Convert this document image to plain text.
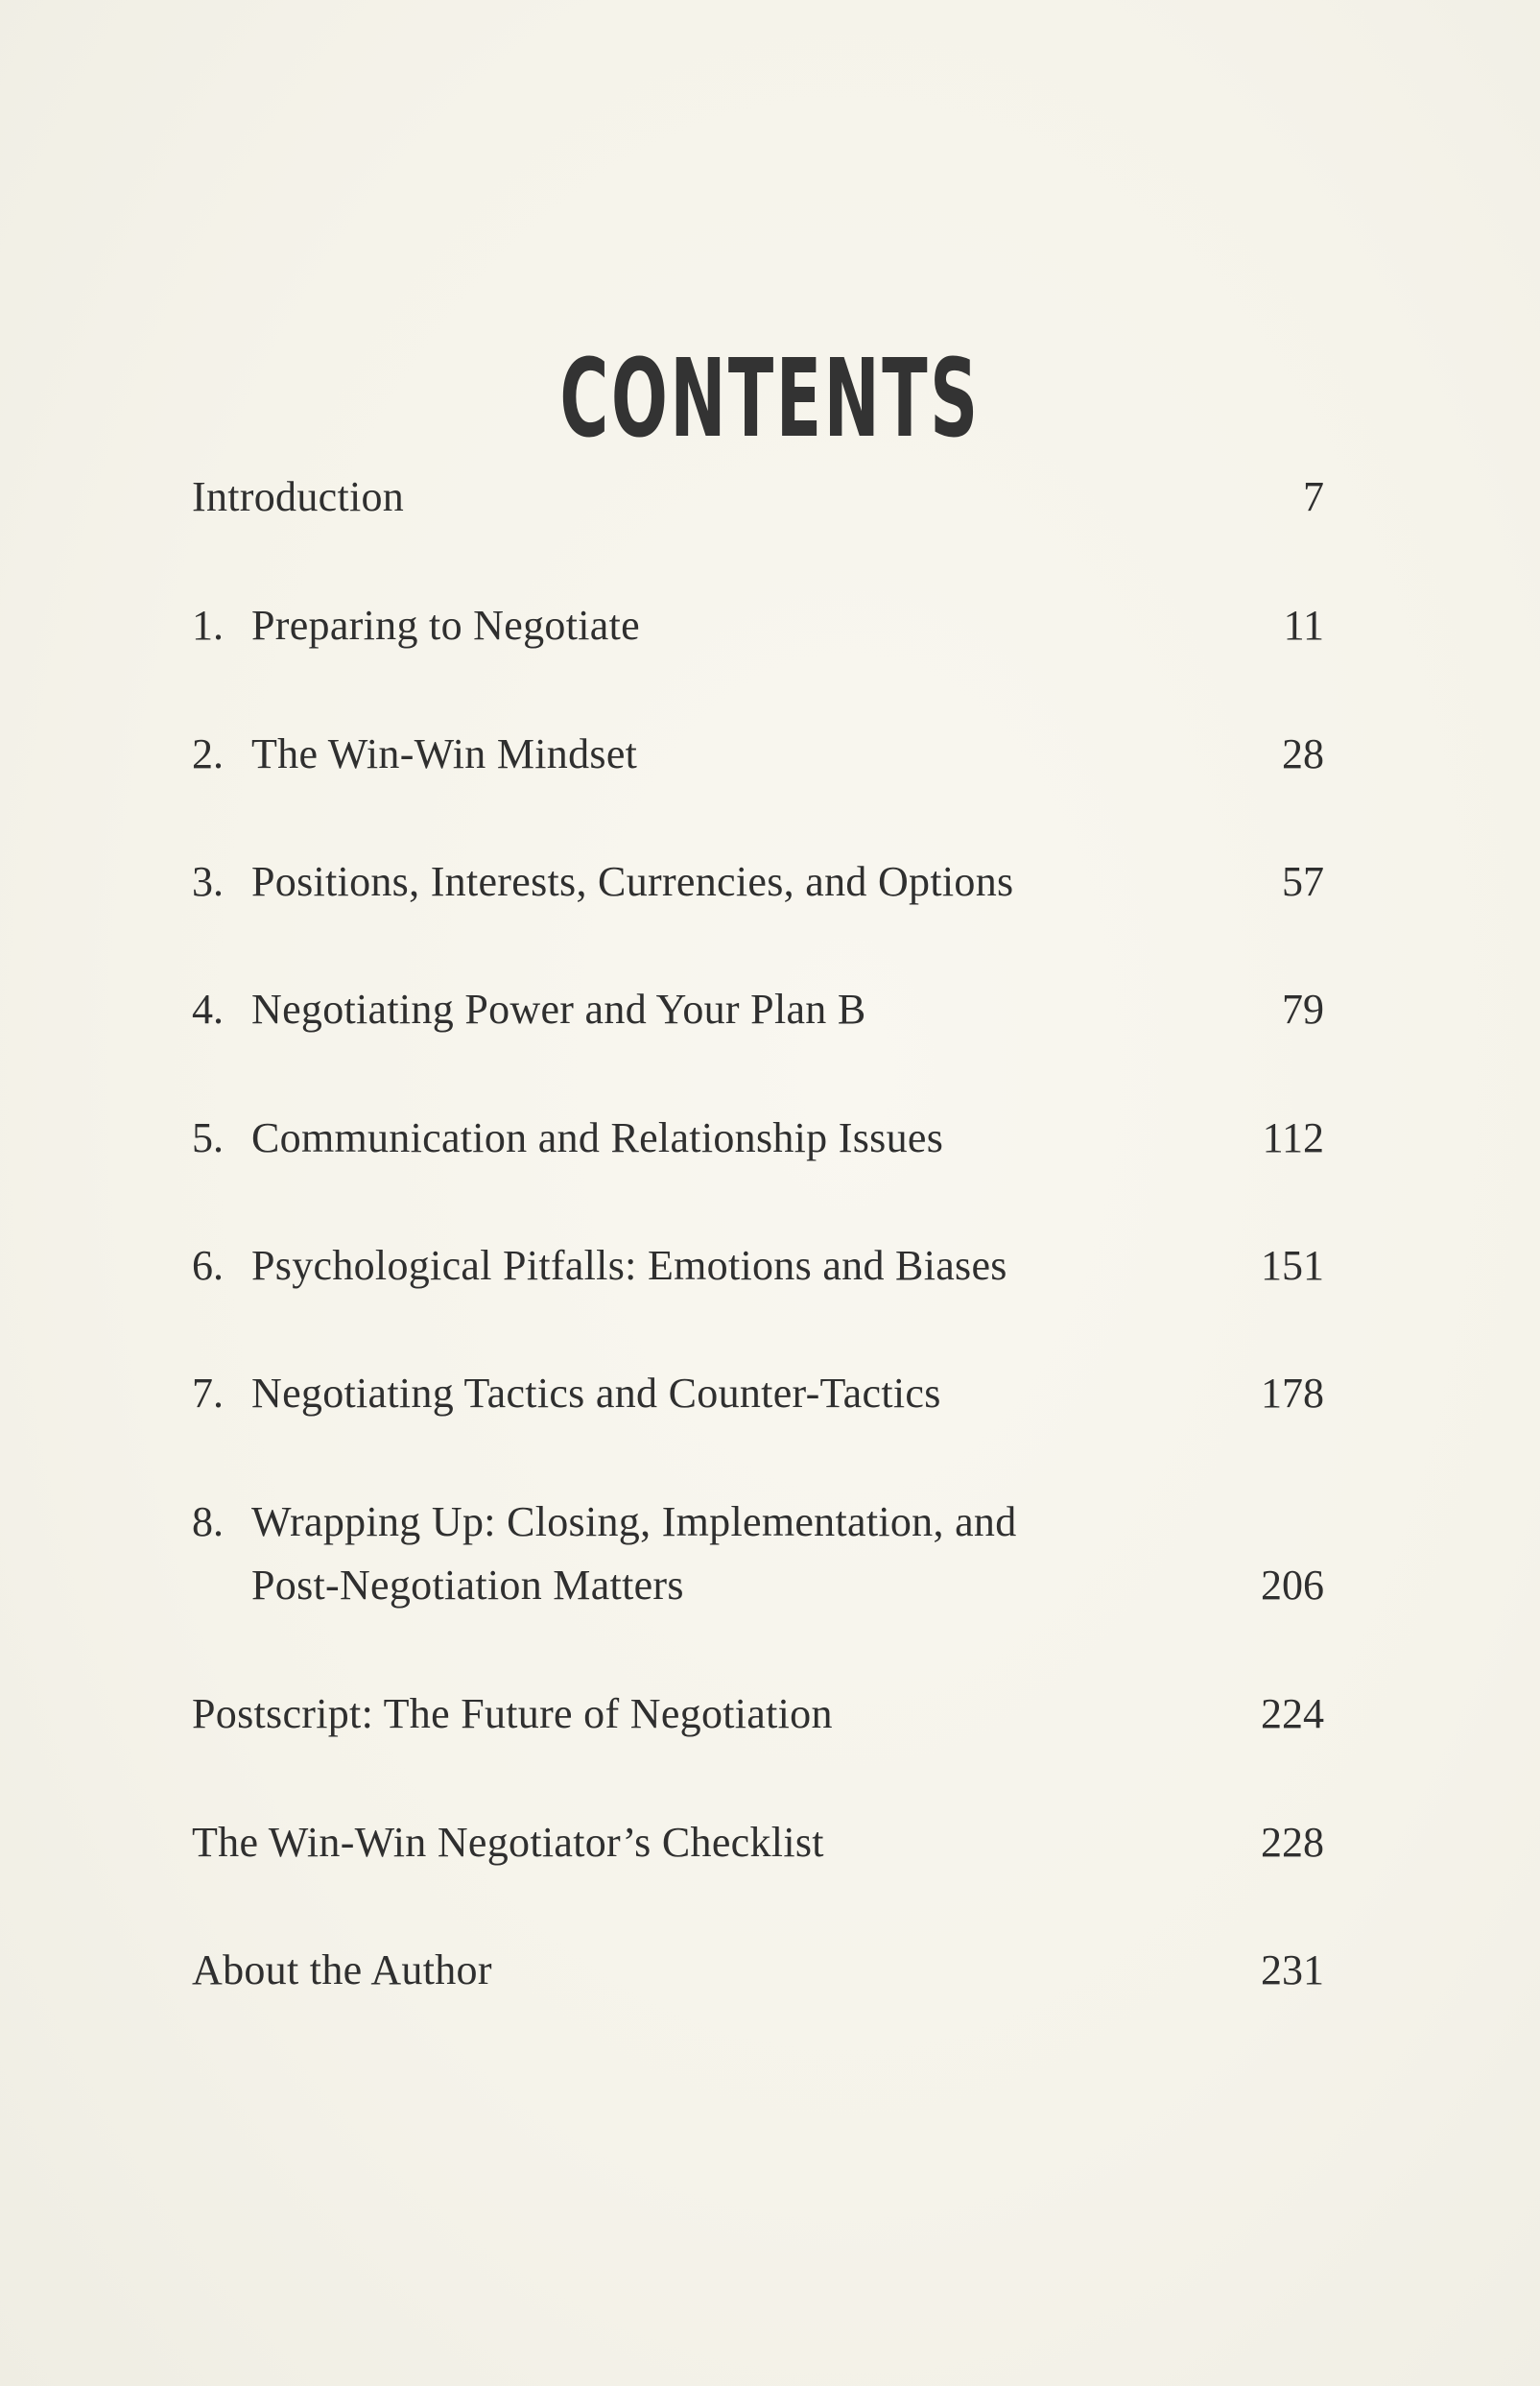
CONTENTS
Introduction	7
1. Preparing to Negotiate	11
2. The Win-Win Mindset	28
3. Positions, Interests, Currencies, and Options	57
4. Negotiating Power and Your Plan B	79
5. Communication and Relationship Issues	112
6. Psychological Pitfalls: Emotions and Biases	151
7. Negotiating Tactics and Counter-Tactics	178
8. Wrapping Up: Closing, Implementation, and
Post-Negotiation Matters	206
Postscript: The Future of Negotiation	224
The Win-Win Negotiator’s Checklist	228
About the Author	231
